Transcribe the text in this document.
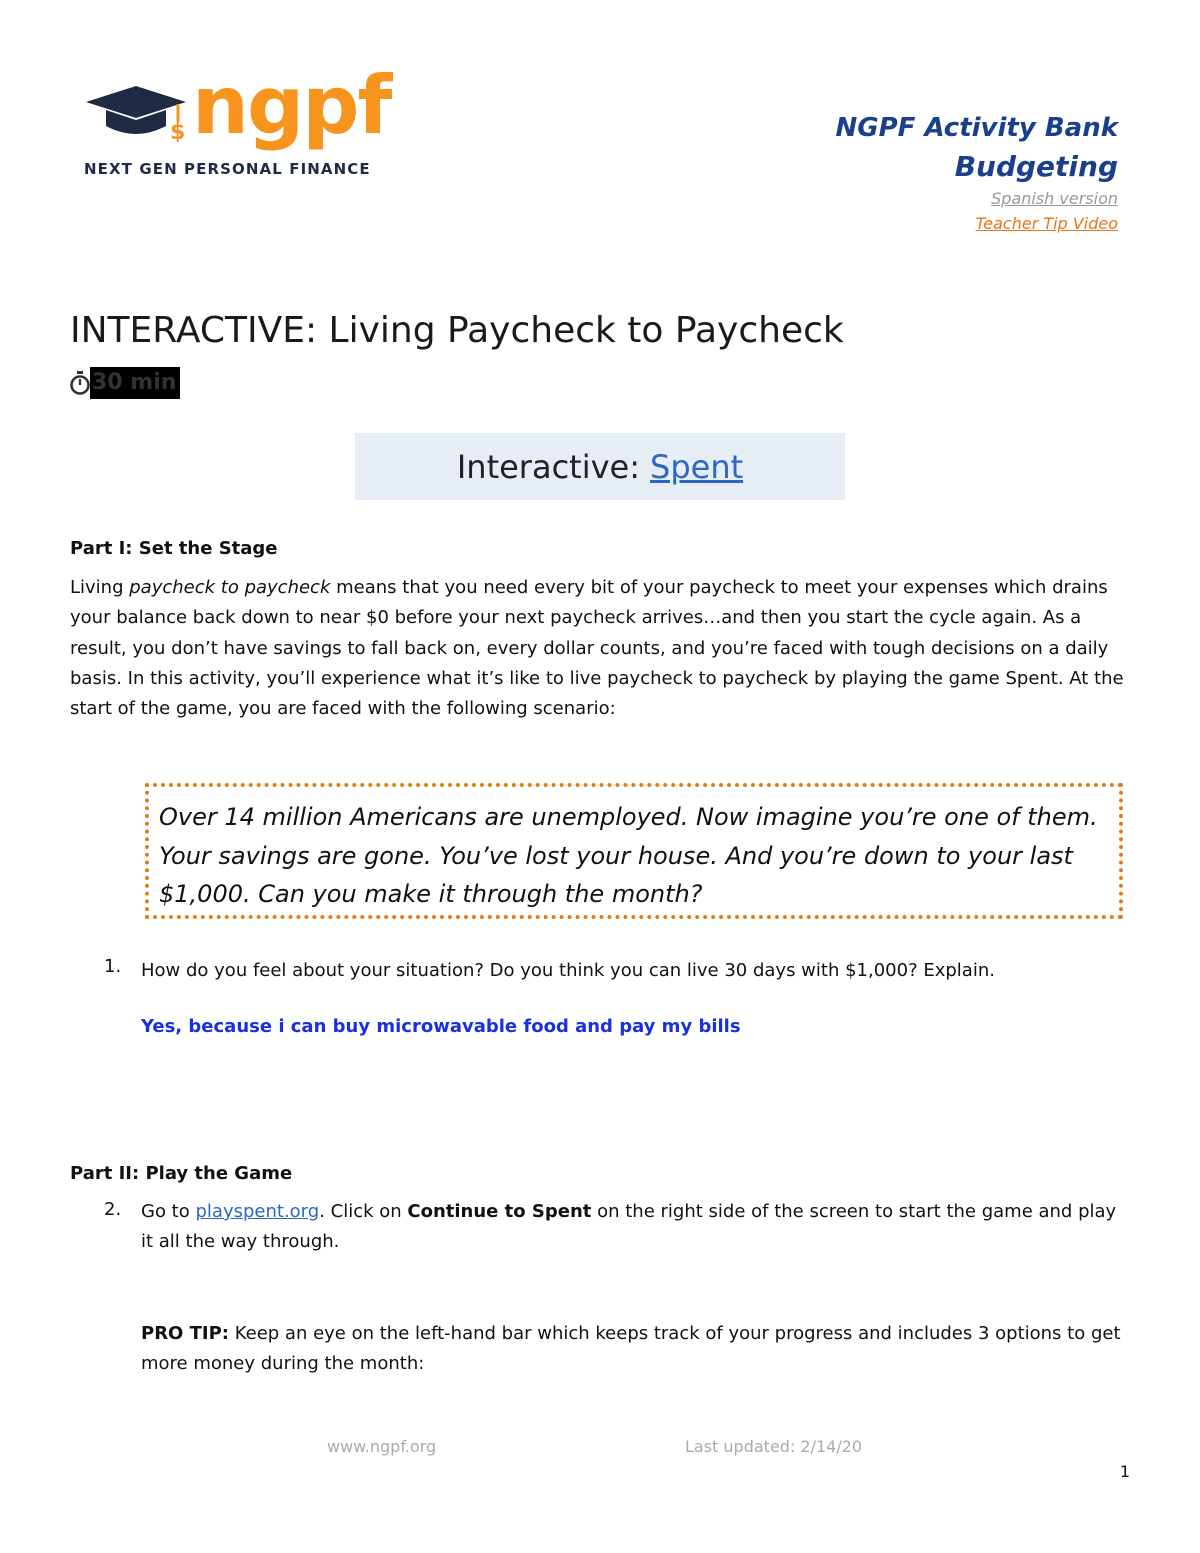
$ ngpf
NEXT GEN PERSONAL FINANCE
NGPF Activity Bank
Budgeting
Spanish version
Teacher Tip Video
INTERACTIVE: Living Paycheck to Paycheck
30 min
Interactive: Spent
Part I: Set the Stage
Living paycheck to paycheck means that you need every bit of your paycheck to meet your expenses which drains your balance back down to near $0 before your next paycheck arrives…and then you start the cycle again. As a result, you don’t have savings to fall back on, every dollar counts, and you’re faced with tough decisions on a daily basis. In this activity, you’ll experience what it’s like to live paycheck to paycheck by playing the game Spent. At the start of the game, you are faced with the following scenario:
Over 14 million Americans are unemployed. Now imagine you’re one of them. Your savings are gone. You’ve lost your house. And you’re down to your last $1,000. Can you make it through the month?
1. How do you feel about your situation? Do you think you can live 30 days with $1,000? Explain.
Yes, because i can buy microwavable food and pay my bills
Part II: Play the Game
2. Go to playspent.org. Click on Continue to Spent on the right side of the screen to start the game and play it all the way through.
PRO TIP: Keep an eye on the left-hand bar which keeps track of your progress and includes 3 options to get more money during the month:
www.ngpf.org	Last updated: 2/14/20
1
